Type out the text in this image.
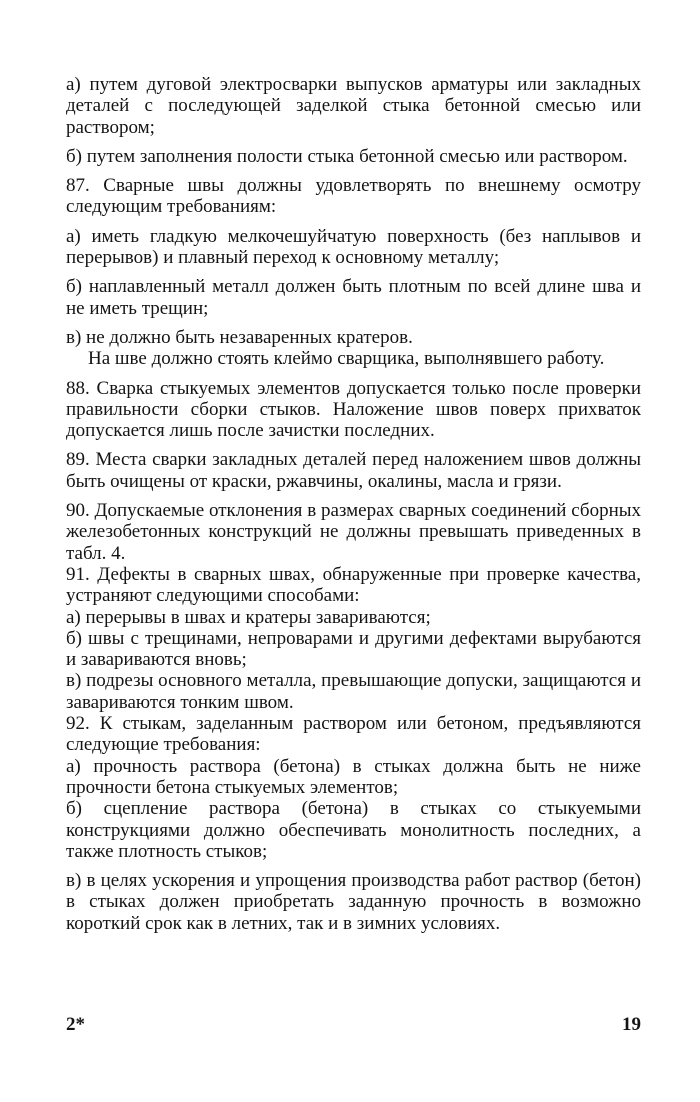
а) путем дуговой электросварки выпусков арматуры или закладных деталей с последующей заделкой стыка бетонной смесью или раствором;

б) путем заполнения полости стыка бетонной смесью или раствором.

87. Сварные швы должны удовлетворять по внешнему осмотру следующим требованиям:

а) иметь гладкую мелкочешуйчатую поверхность (без наплывов и перерывов) и плавный переход к основному металлу;

б) наплавленный металл должен быть плотным по всей длине шва и не иметь трещин;

в) не должно быть незаваренных кратеров.

На шве должно стоять клеймо сварщика, выполнявшего работу.

88. Сварка стыкуемых элементов допускается только после проверки правильности сборки стыков. Наложение швов поверх прихваток допускается лишь после зачистки последних.

89. Места сварки закладных деталей перед наложением швов должны быть очищены от краски, ржавчины, окалины, масла и грязи.

90. Допускаемые отклонения в размерах сварных соединений сборных железобетонных конструкций не должны превышать приведенных в табл. 4.

91. Дефекты в сварных швах, обнаруженные при проверке качества, устраняют следующими способами:

а) перерывы в швах и кратеры завариваются;

б) швы с трещинами, непроварами и другими дефектами вырубаются и завариваются вновь;

в) подрезы основного металла, превышающие допуски, защищаются и завариваются тонким швом.

92. К стыкам, заделанным раствором или бетоном, предъявляются следующие требования:

а) прочность раствора (бетона) в стыках должна быть не ниже прочности бетона стыкуемых элементов;

б) сцепление раствора (бетона) в стыках со стыкуемыми конструкциями должно обеспечивать монолитность последних, а также плотность стыков;

в) в целях ускорения и упрощения производства работ раствор (бетон) в стыках должен приобретать заданную прочность в возможно короткий срок как в летних, так и в зимних условиях.

2*	19
